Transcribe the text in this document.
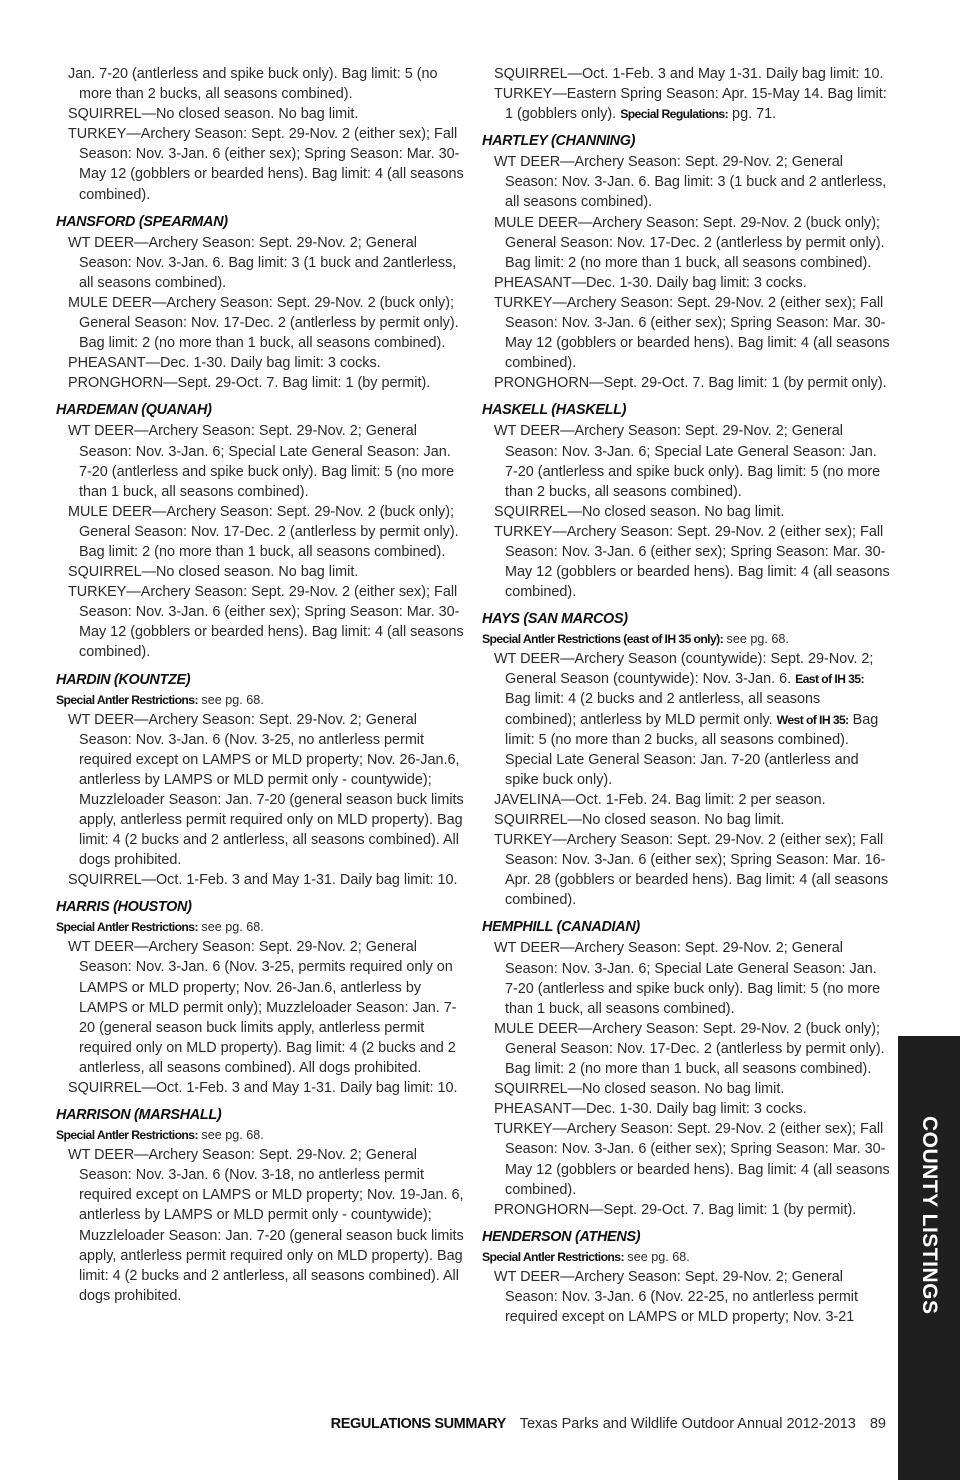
Jan. 7-20 (antlerless and spike buck only). Bag limit: 5 (no more than 2 bucks, all seasons combined).

SQUIRREL—No closed season. No bag limit.

TURKEY—Archery Season: Sept. 29-Nov. 2 (either sex); Fall Season: Nov. 3-Jan. 6 (either sex); Spring Season: Mar. 30-May 12 (gobblers or bearded hens). Bag limit: 4 (all seasons combined).

HANSFORD (SPEARMAN)

WT DEER—Archery Season: Sept. 29-Nov. 2; General Season: Nov. 3-Jan. 6. Bag limit: 3 (1 buck and 2antlerless, all seasons combined).

MULE DEER—Archery Season: Sept. 29-Nov. 2 (buck only); General Season: Nov. 17-Dec. 2 (antlerless by permit only). Bag limit: 2 (no more than 1 buck, all seasons combined).

PHEASANT—Dec. 1-30. Daily bag limit: 3 cocks.

PRONGHORN—Sept. 29-Oct. 7. Bag limit: 1 (by permit).

HARDEMAN (QUANAH)

WT DEER—Archery Season: Sept. 29-Nov. 2; General Season: Nov. 3-Jan. 6; Special Late General Season: Jan. 7-20 (antlerless and spike buck only). Bag limit: 5 (no more than 1 buck, all seasons combined).

MULE DEER—Archery Season: Sept. 29-Nov. 2 (buck only); General Season: Nov. 17-Dec. 2 (antlerless by permit only). Bag limit: 2 (no more than 1 buck, all seasons combined).

SQUIRREL—No closed season. No bag limit.

TURKEY—Archery Season: Sept. 29-Nov. 2 (either sex); Fall Season: Nov. 3-Jan. 6 (either sex); Spring Season: Mar. 30-May 12 (gobblers or bearded hens). Bag limit: 4 (all seasons combined).

HARDIN (KOUNTZE)
Special Antler Restrictions: see pg. 68.

WT DEER—Archery Season: Sept. 29-Nov. 2; General Season: Nov. 3-Jan. 6 (Nov. 3-25, no antlerless permit required except on LAMPS or MLD property; Nov. 26-Jan.6, antlerless by LAMPS or MLD permit only - countywide); Muzzleloader Season: Jan. 7-20 (general season buck limits apply, antlerless permit required only on MLD property). Bag limit: 4 (2 bucks and 2 antlerless, all seasons combined). All dogs prohibited.

SQUIRREL—Oct. 1-Feb. 3 and May 1-31. Daily bag limit: 10.

HARRIS (HOUSTON)
Special Antler Restrictions: see pg. 68.

WT DEER—Archery Season: Sept. 29-Nov. 2; General Season: Nov. 3-Jan. 6 (Nov. 3-25, permits required only on LAMPS or MLD property; Nov. 26-Jan.6, antlerless by LAMPS or MLD permit only); Muzzleloader Season: Jan. 7-20 (general season buck limits apply, antlerless permit required only on MLD property). Bag limit: 4 (2 bucks and 2 antlerless, all seasons combined). All dogs prohibited.

SQUIRREL—Oct. 1-Feb. 3 and May 1-31. Daily bag limit: 10.

HARRISON (MARSHALL)
Special Antler Restrictions: see pg. 68.

WT DEER—Archery Season: Sept. 29-Nov. 2; General Season: Nov. 3-Jan. 6 (Nov. 3-18, no antlerless permit required except on LAMPS or MLD property; Nov. 19-Jan. 6, antlerless by LAMPS or MLD permit only - countywide); Muzzleloader Season: Jan. 7-20 (general season buck limits apply, antlerless permit required only on MLD property). Bag limit: 4 (2 bucks and 2 antlerless, all seasons combined). All dogs prohibited.

SQUIRREL—Oct. 1-Feb. 3 and May 1-31. Daily bag limit: 10.

TURKEY—Eastern Spring Season: Apr. 15-May 14. Bag limit: 1 (gobblers only). Special Regulations: pg. 71.

HARTLEY (CHANNING)

WT DEER—Archery Season: Sept. 29-Nov. 2; General Season: Nov. 3-Jan. 6. Bag limit: 3 (1 buck and 2 antlerless, all seasons combined).

MULE DEER—Archery Season: Sept. 29-Nov. 2 (buck only); General Season: Nov. 17-Dec. 2 (antlerless by permit only). Bag limit: 2 (no more than 1 buck, all seasons combined).

PHEASANT—Dec. 1-30. Daily bag limit: 3 cocks.

TURKEY—Archery Season: Sept. 29-Nov. 2 (either sex); Fall Season: Nov. 3-Jan. 6 (either sex); Spring Season: Mar. 30-May 12 (gobblers or bearded hens). Bag limit: 4 (all seasons combined).

PRONGHORN—Sept. 29-Oct. 7. Bag limit: 1 (by permit only).

HASKELL (HASKELL)

WT DEER—Archery Season: Sept. 29-Nov. 2; General Season: Nov. 3-Jan. 6; Special Late General Season: Jan. 7-20 (antlerless and spike buck only). Bag limit: 5 (no more than 2 bucks, all seasons combined).

SQUIRREL—No closed season. No bag limit.

TURKEY—Archery Season: Sept. 29-Nov. 2 (either sex); Fall Season: Nov. 3-Jan. 6 (either sex); Spring Season: Mar. 30-May 12 (gobblers or bearded hens). Bag limit: 4 (all seasons combined).

HAYS (SAN MARCOS)
Special Antler Restrictions (east of IH 35 only): see pg. 68.

WT DEER—Archery Season (countywide): Sept. 29-Nov. 2; General Season (countywide): Nov. 3-Jan. 6. East of IH 35: Bag limit: 4 (2 bucks and 2 antlerless, all seasons combined); antlerless by MLD permit only. West of IH 35: Bag limit: 5 (no more than 2 bucks, all seasons combined). Special Late General Season: Jan. 7-20 (antlerless and spike buck only).

JAVELINA—Oct. 1-Feb. 24. Bag limit: 2 per season.

SQUIRREL—No closed season. No bag limit.

TURKEY—Archery Season: Sept. 29-Nov. 2 (either sex); Fall Season: Nov. 3-Jan. 6 (either sex); Spring Season: Mar. 16-Apr. 28 (gobblers or bearded hens). Bag limit: 4 (all seasons combined).

HEMPHILL (CANADIAN)

WT DEER—Archery Season: Sept. 29-Nov. 2; General Season: Nov. 3-Jan. 6; Special Late General Season: Jan. 7-20 (antlerless and spike buck only). Bag limit: 5 (no more than 1 buck, all seasons combined).

MULE DEER—Archery Season: Sept. 29-Nov. 2 (buck only); General Season: Nov. 17-Dec. 2 (antlerless by permit only). Bag limit: 2 (no more than 1 buck, all seasons combined).

SQUIRREL—No closed season. No bag limit.

PHEASANT—Dec. 1-30. Daily bag limit: 3 cocks.

TURKEY—Archery Season: Sept. 29-Nov. 2 (either sex); Fall Season: Nov. 3-Jan. 6 (either sex); Spring Season: Mar. 30-May 12 (gobblers or bearded hens). Bag limit: 4 (all seasons combined).

PRONGHORN—Sept. 29-Oct. 7. Bag limit: 1 (by permit).

HENDERSON (ATHENS)
Special Antler Restrictions: see pg. 68.

WT DEER—Archery Season: Sept. 29-Nov. 2; General Season: Nov. 3-Jan. 6 (Nov. 22-25, no antlerless permit required except on LAMPS or MLD property; Nov. 3-21

COUNTY LISTINGS
REGULATIONS SUMMARY Texas Parks and Wildlife Outdoor Annual 2012-2013 89
